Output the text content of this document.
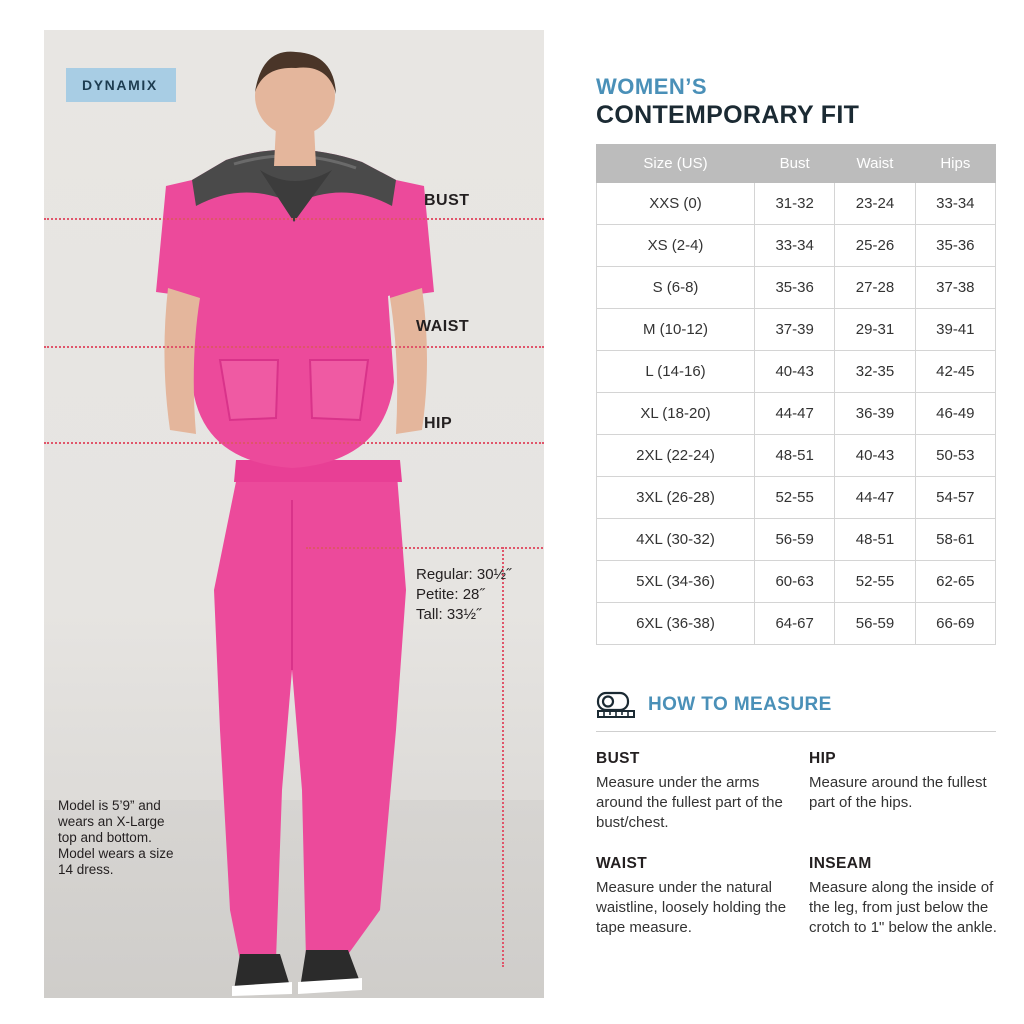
DYNAMIX
BUST
WAIST
HIP
Regular: 30½˝
Petite: 28˝
Tall: 33½˝
Model is 5’9” and wears an X-Large top and bottom. Model wears a size 14 dress.
WOMEN’S
CONTEMPORARY FIT
Size (US)	Bust	Waist	Hips
XXS (0)	31-32	23-24	33-34
XS (2-4)	33-34	25-26	35-36
S (6-8)	35-36	27-28	37-38
M (10-12)	37-39	29-31	39-41
L (14-16)	40-43	32-35	42-45
XL (18-20)	44-47	36-39	46-49
2XL (22-24)	48-51	40-43	50-53
3XL (26-28)	52-55	44-47	54-57
4XL (30-32)	56-59	48-51	58-61
5XL (34-36)	60-63	52-55	62-65
6XL (36-38)	64-67	56-59	66-69
HOW TO MEASURE
BUST
Measure under the arms around the fullest part of the bust/chest.
HIP
Measure around the fullest part of the hips.
WAIST
Measure under the natural waistline, loosely holding the tape measure.
INSEAM
Measure along the inside of the leg, from just below the crotch to 1" below the ankle.
